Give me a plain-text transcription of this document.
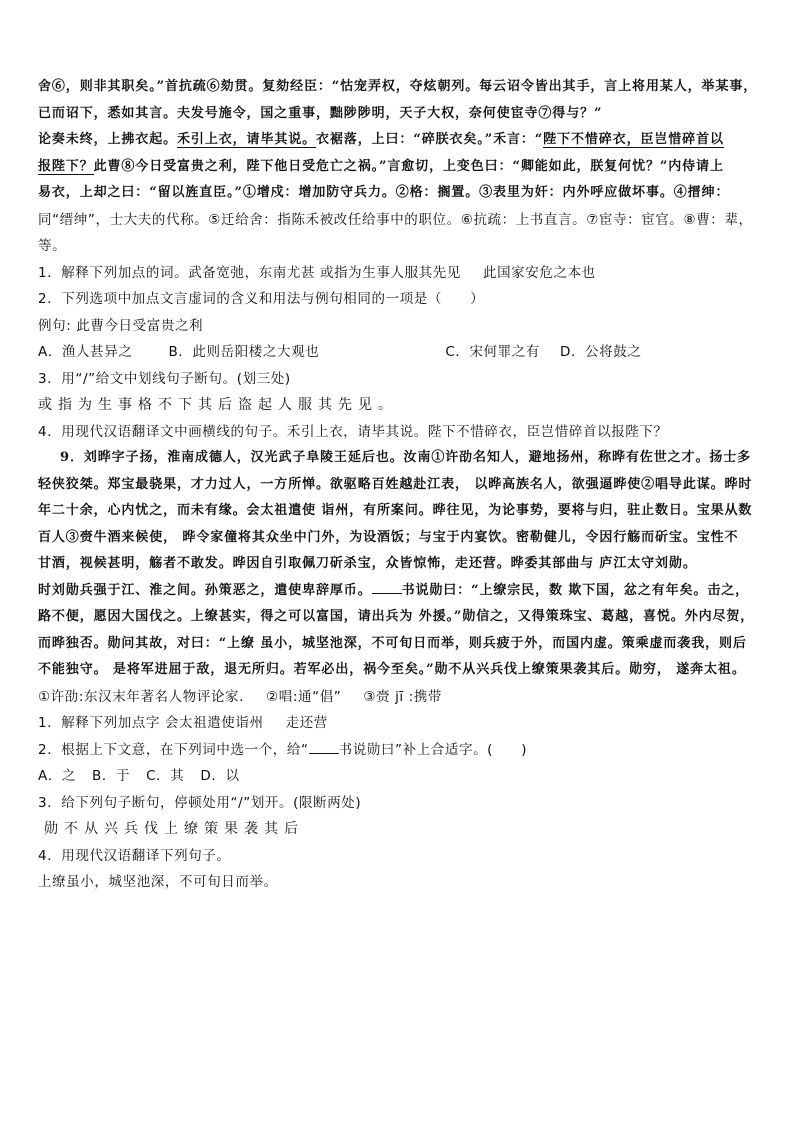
舍⑥，则非其职矣。”首抗疏⑥劾贯。复劾经臣：“怙宠弄权，夺炫朝列。每云诏令皆出其手，言上将用某人，举某事，
已而诏下，悉如其言。夫发号施令，国之重事，黜陟陟明，天子大权，奈何使宦寺⑦得与？”
论奏未终，上拂衣起。禾引上衣，请毕其说。衣裾落，上曰：“碎朕衣矣。”禾言：“陛下不惜碎衣，臣岂惜碎首以
报陛下？此曹⑧今日受富贵之利，陛下他日受危亡之祸。”言愈切，上变色曰：“卿能如此，朕复何忧？”内侍请上
易衣，上却之曰：“留以旌直臣。”①增戍：增加防守兵力。②格：搁置。③表里为奸：内外呼应做坏事。④搢绅：
同“缙绅”，士大夫的代称。⑤迁给舍：指陈禾被改任给事中的职位。⑥抗疏：上书直言。⑦宦寺：宦官。⑧曹：辈，
等。
1．解释下列加点的词。武备宽弛，东南尤甚 或指为生事人服其先见 此国家安危之本也
2．下列选项中加点文言虚词的含义和用法与例句相同的一项是（　　）
例句: 此曹今日受富贵之利
A．渔人甚异之	B．此则岳阳楼之大观也	C．宋何罪之有 D．公将鼓之
3．用“/”给文中划线句子断句。(划三处)
或指为生事格不下其后盗起人服其先见。
4．用现代汉语翻译文中画横线的句子。禾引上衣，请毕其说。陛下不惜碎衣，臣岂惜碎首以报陛下？
9．刘晔字子扬，淮南成德人，汉光武子阜陵王延后也。汝南①许劭名知人，避地扬州，称晔有佐世之才。扬士多
轻侠狡桀。郑宝最骁果，才力过人，一方所惮。欲驱略百姓越赴江表， 以晔高族名人，欲强逼晔使②唱导此谋。晔时
年二十余，心内忧之，而未有缘。会太祖遣使 诣州，有所案问。晔往见，为论事势，要将与归，驻止数日。宝果从数
百人③赍牛酒来候使， 晔令家僮将其众坐中门外，为设酒饭；与宝于内宴饮。密勒健儿，令因行觞而斫宝。宝性不
甘酒，视候甚明，觞者不敢发。晔因自引取佩刀斫杀宝，众皆惊怖，走还营。晔委其部曲与 庐江太守刘勋。
时刘勋兵强于江、淮之间。孙策恶之，遣使卑辞厚币。 书说勋曰：“上缭宗民，数 欺下国，忿之有年矣。击之，
路不便，愿因大国伐之。上缭甚实，得之可以富国，请出兵为 外援。”勋信之，又得策珠宝、葛越，喜悦。外内尽贺，
而晔独否。勋问其故，对曰：“上缭 虽小，城坚池深，不可旬日而举，则兵疲于外，而国内虚。策乘虚而袭我，则后
不能独守。 是将军进屈于敌，退无所归。若军必出，祸今至矣。”勋不从兴兵伐上缭策果袭其后。勋穷， 遂奔太祖。
①许劭:东汉末年著名人物评论家. ②唱:通“倡” ③赍 jī :携带
1．解释下列加点字 会太祖遣使诣州 走还营
2．根据上下文意，在下列词中选一个，给“ 书说勋曰”补上合适字。(　　)
A．之 B．于 C．其 D．以
3．给下列句子断句，停顿处用“/”划开。(限断两处)
勋不从兴兵伐上缭策果袭其后
4．用现代汉语翻译下列句子。
上缭虽小，城坚池深，不可旬日而举。
